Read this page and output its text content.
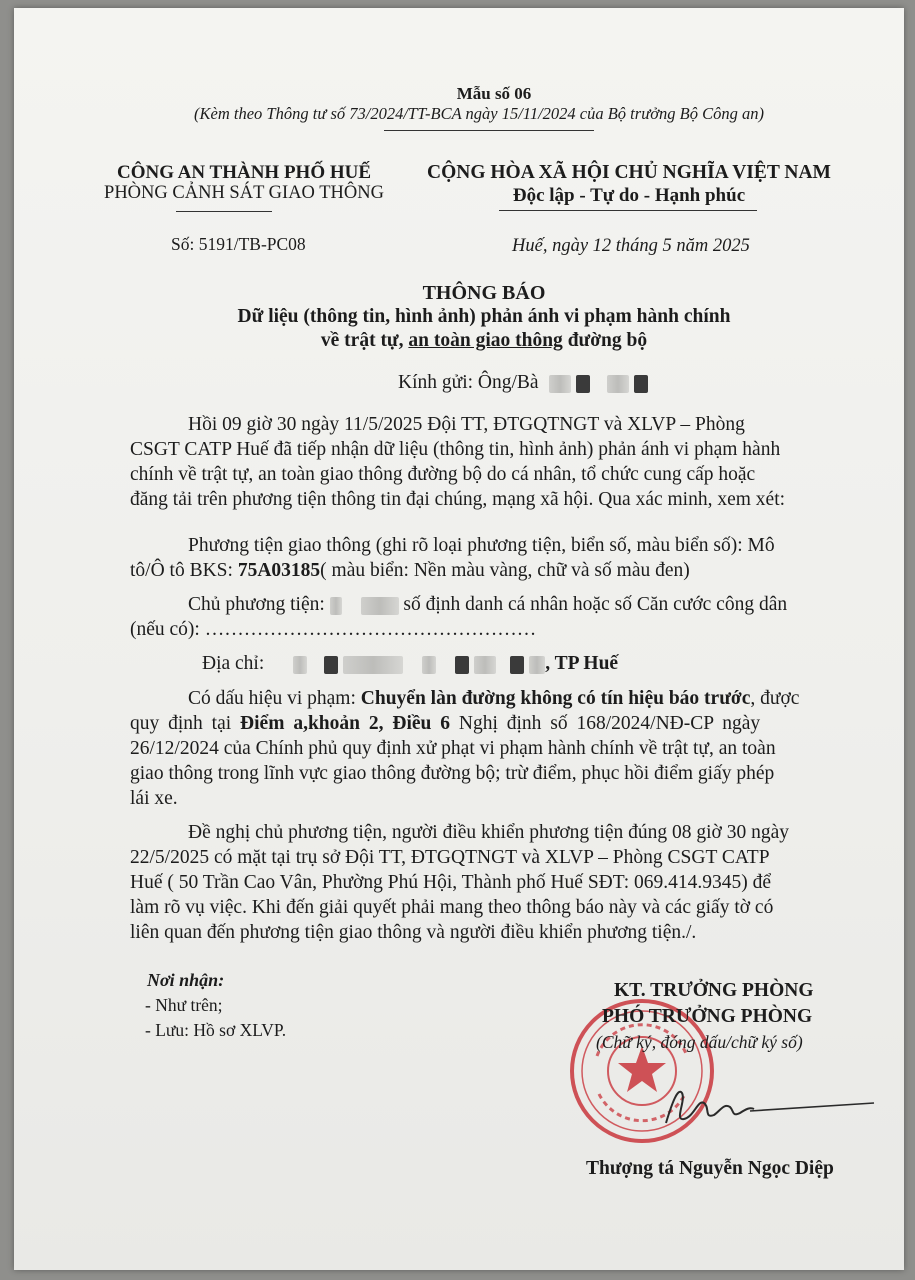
Mẫu số 06
(Kèm theo Thông tư số 73/2024/TT-BCA ngày 15/11/2024 của Bộ trưởng Bộ Công an)
CÔNG AN THÀNH PHỐ HUẾ
PHÒNG CẢNH SÁT GIAO THÔNG
Số: 5191/TB-PC08
CỘNG HÒA XÃ HỘI CHỦ NGHĨA VIỆT NAM
Độc lập - Tự do - Hạnh phúc
Huế, ngày 12 tháng 5 năm 2025
THÔNG BÁO
Dữ liệu (thông tin, hình ảnh) phản ánh vi phạm hành chính
về trật tự, an toàn giao thông đường bộ
Kính gửi: Ông/Bà
Hồi 09 giờ 30 ngày 11/5/2025 Đội TT, ĐTGQTNGT và XLVP – Phòng
CSGT CATP Huế đã tiếp nhận dữ liệu (thông tin, hình ảnh) phản ánh vi phạm hành
chính về trật tự, an toàn giao thông đường bộ do cá nhân, tổ chức cung cấp hoặc
đăng tải trên phương tiện thông tin đại chúng, mạng xã hội. Qua xác minh, xem xét:
Phương tiện giao thông (ghi rõ loại phương tiện, biển số, màu biển số): Mô
tô/Ô tô BKS: 75A03185( màu biển: Nền màu vàng, chữ và số màu đen)
Chủ phương tiện:	số định danh cá nhân hoặc số Căn cước công dân
(nếu có): ……………………………………………
Địa chỉ:	, TP Huế
Có dấu hiệu vi phạm: Chuyển làn đường không có tín hiệu báo trước, được
quy định tại Điểm a,khoản 2, Điều 6 Nghị định số 168/2024/NĐ-CP ngày
26/12/2024 của Chính phủ quy định xử phạt vi phạm hành chính về trật tự, an toàn
giao thông trong lĩnh vực giao thông đường bộ; trừ điểm, phục hồi điểm giấy phép
lái xe.
Đề nghị chủ phương tiện, người điều khiển phương tiện đúng 08 giờ 30 ngày
22/5/2025 có mặt tại trụ sở Đội TT, ĐTGQTNGT và XLVP – Phòng CSGT CATP
Huế ( 50 Trần Cao Vân, Phường Phú Hội, Thành phố Huế SĐT: 069.414.9345) để
làm rõ vụ việc. Khi đến giải quyết phải mang theo thông báo này và các giấy tờ có
liên quan đến phương tiện giao thông và người điều khiển phương tiện./.
Nơi nhận:
- Như trên;
- Lưu: Hồ sơ XLVP.
KT. TRƯỞNG PHÒNG
PHÓ TRƯỞNG PHÒNG
(Chữ ký, đóng dấu/chữ ký số)
Thượng tá Nguyễn Ngọc Diệp
